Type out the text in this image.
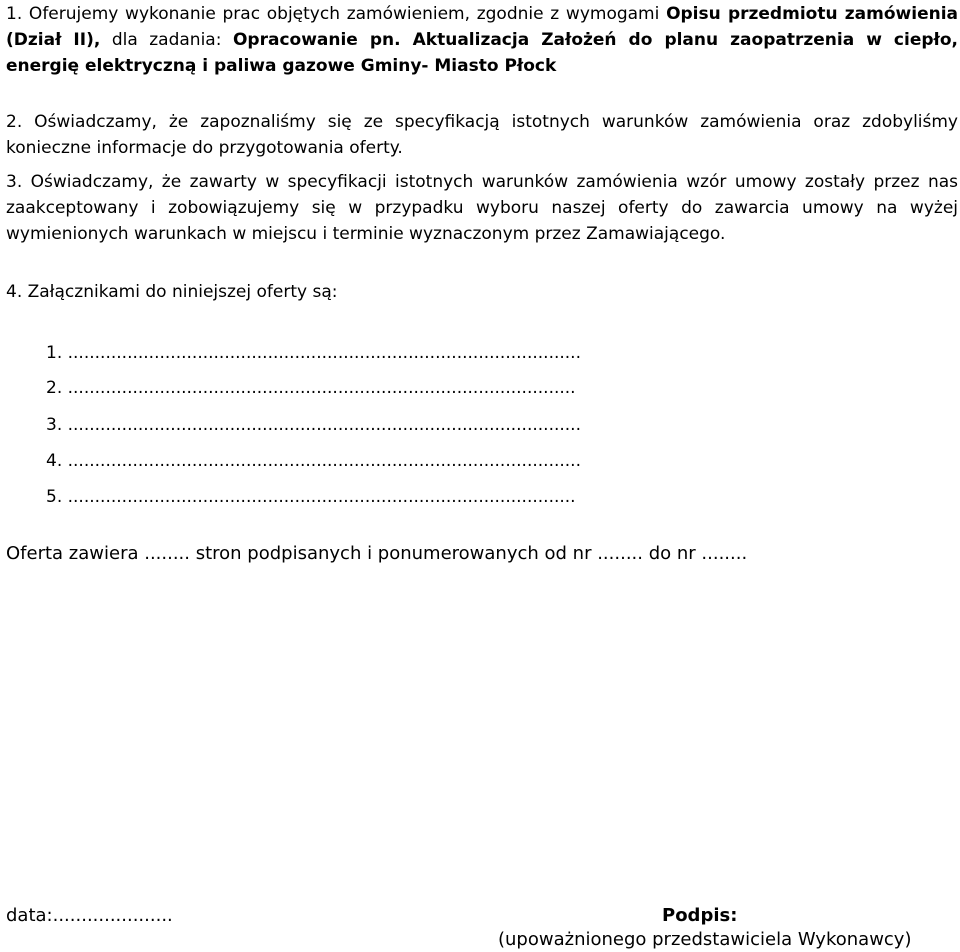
1. Oferujemy wykonanie prac objętych zamówieniem, zgodnie z wymogami Opisu przedmiotu zamówienia (Dział II), dla zadania: Opracowanie pn. Aktualizacja Założeń do planu zaopatrzenia w ciepło, energię elektryczną i paliwa gazowe Gminy- Miasto Płock

2. Oświadczamy, że zapoznaliśmy się ze specyfikacją istotnych warunków zamówienia oraz zdobyliśmy konieczne informacje do przygotowania oferty.

3. Oświadczamy, że zawarty w specyfikacji istotnych warunków zamówienia wzór umowy zostały przez nas zaakceptowany i zobowiązujemy się w przypadku wyboru naszej oferty do zawarcia umowy na wyżej wymienionych warunkach w miejscu i terminie wyznaczonym przez Zamawiającego.

4. Załącznikami do niniejszej oferty są:

1. ...............................................................................................

2. ..............................................................................................

3. ...............................................................................................

4. ...............................................................................................

5. ..............................................................................................

Oferta zawiera ........ stron podpisanych i ponumerowanych od nr ........ do nr ........

data:.....................	Podpis:

(upoważnionego przedstawiciela Wykonawcy)
